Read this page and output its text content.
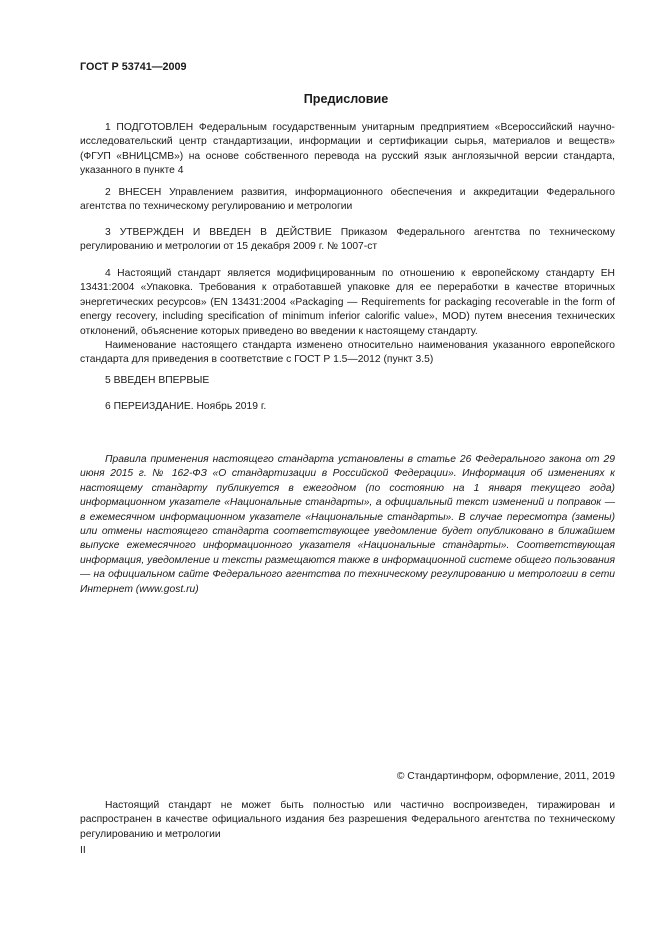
ГОСТ Р 53741—2009
Предисловие
1 ПОДГОТОВЛЕН Федеральным государственным унитарным предприятием «Всероссийский научно-исследовательский центр стандартизации, информации и сертификации сырья, материалов и веществ» (ФГУП «ВНИЦСМВ») на основе собственного перевода на русский язык англоязычной версии стандарта, указанного в пункте 4
2 ВНЕСЕН Управлением развития, информационного обеспечения и аккредитации Федерального агентства по техническому регулированию и метрологии
3 УТВЕРЖДЕН И ВВЕДЕН В ДЕЙСТВИЕ Приказом Федерального агентства по техническому регулированию и метрологии от 15 декабря 2009 г. № 1007-ст
4 Настоящий стандарт является модифицированным по отношению к европейскому стандарту ЕН 13431:2004 «Упаковка. Требования к отработавшей упаковке для ее переработки в качестве вторичных энергетических ресурсов» (EN 13431:2004 «Packaging — Requirements for packaging recoverable in the form of energy recovery, including specification of minimum inferior calorific value», MOD) путем внесения технических отклонений, объяснение которых приведено во введении к настоящему стандарту.
Наименование настоящего стандарта изменено относительно наименования указанного европейского стандарта для приведения в соответствие с ГОСТ Р 1.5—2012 (пункт 3.5)
5 ВВЕДЕН ВПЕРВЫЕ
6 ПЕРЕИЗДАНИЕ. Ноябрь 2019 г.
Правила применения настоящего стандарта установлены в статье 26 Федерального закона от 29 июня 2015 г. № 162-ФЗ «О стандартизации в Российской Федерации». Информация об изменениях к настоящему стандарту публикуется в ежегодном (по состоянию на 1 января текущего года) информационном указателе «Национальные стандарты», а официальный текст изменений и поправок — в ежемесячном информационном указателе «Национальные стандарты». В случае пересмотра (замены) или отмены настоящего стандарта соответствующее уведомление будет опубликовано в ближайшем выпуске ежемесячного информационного указателя «Национальные стандарты». Соответствующая информация, уведомление и тексты размещаются также в информационной системе общего пользования — на официальном сайте Федерального агентства по техническому регулированию и метрологии в сети Интернет (www.gost.ru)
© Стандартинформ, оформление, 2011, 2019
Настоящий стандарт не может быть полностью или частично воспроизведен, тиражирован и распространен в качестве официального издания без разрешения Федерального агентства по техническому регулированию и метрологии
II
